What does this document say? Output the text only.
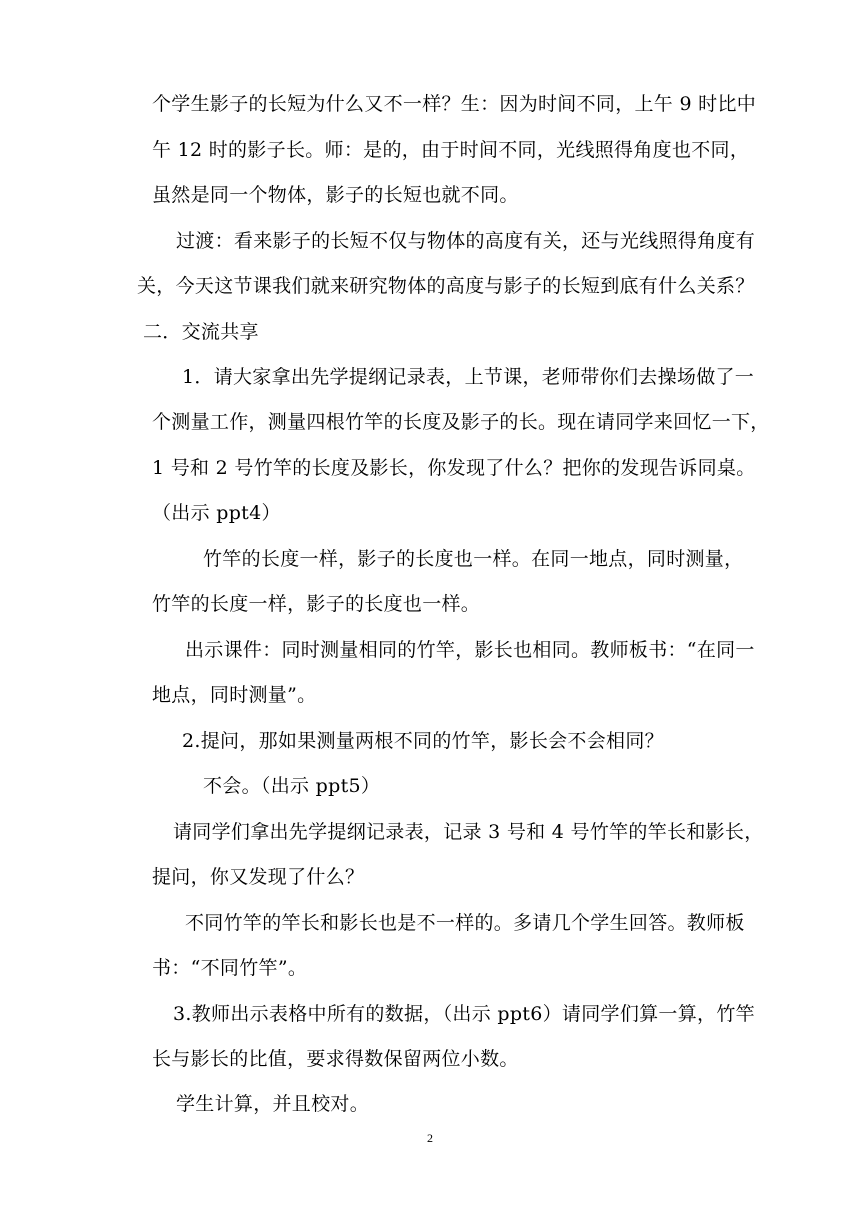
个学生影子的长短为什么又不一样？生：因为时间不同，上午 9 时比中
午 12 时的影子长。师：是的，由于时间不同，光线照得角度也不同，
虽然是同一个物体，影子的长短也就不同。
过渡：看来影子的长短不仅与物体的高度有关，还与光线照得角度有
关，今天这节课我们就来研究物体的高度与影子的长短到底有什么关系？
二．交流共享
1．请大家拿出先学提纲记录表，上节课，老师带你们去操场做了一
个测量工作，测量四根竹竿的长度及影子的长。现在请同学来回忆一下，
1 号和 2 号竹竿的长度及影长，你发现了什么？把你的发现告诉同桌。
（出示 ppt4）
竹竿的长度一样，影子的长度也一样。在同一地点，同时测量，
竹竿的长度一样，影子的长度也一样。
出示课件：同时测量相同的竹竿，影长也相同。教师板书：“在同一
地点，同时测量”。
2.提问，那如果测量两根不同的竹竿，影长会不会相同？
不会。（出示 ppt5）
请同学们拿出先学提纲记录表，记录 3 号和 4 号竹竿的竿长和影长，
提问，你又发现了什么？
不同竹竿的竿长和影长也是不一样的。多请几个学生回答。教师板
书：“不同竹竿”。
3.教师出示表格中所有的数据，（出示 ppt6）请同学们算一算，竹竿
长与影长的比值，要求得数保留两位小数。
学生计算，并且校对。
2
